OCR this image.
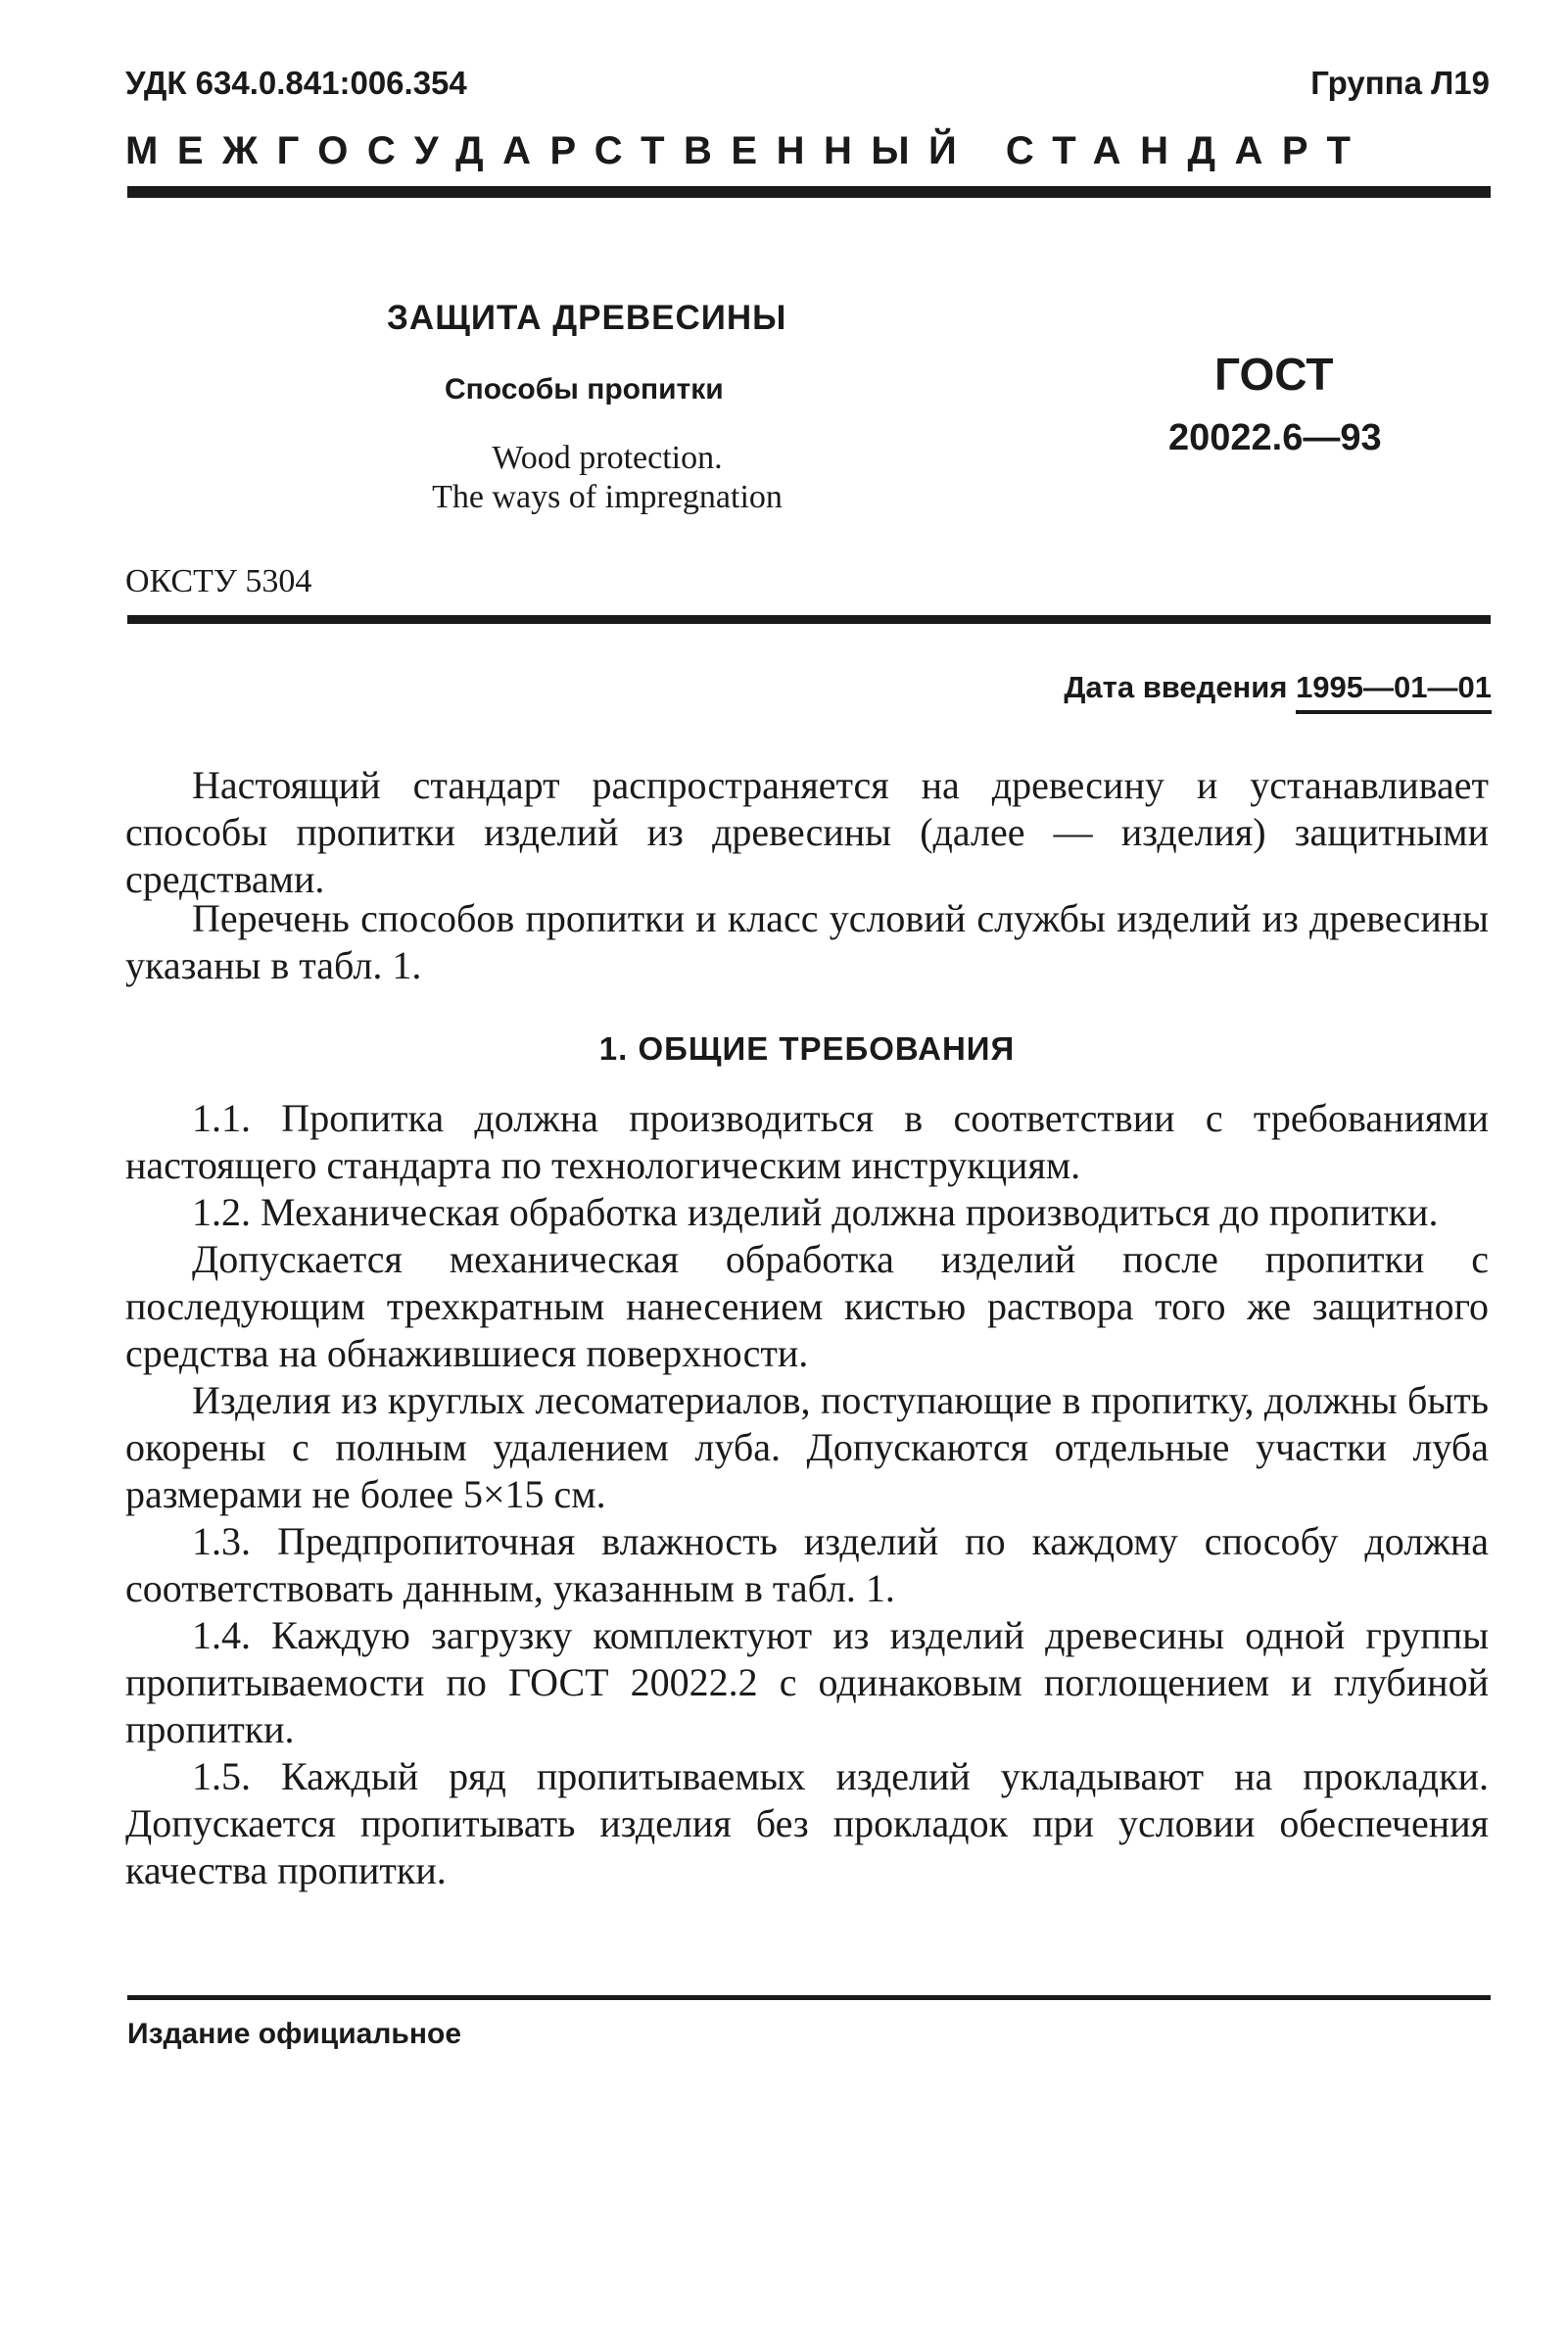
УДК 634.0.841:006.354	Группа Л19
МЕЖГОСУДАРСТВЕННЫЙ СТАНДАРТ
ЗАЩИТА ДРЕВЕСИНЫ
Способы пропитки
Wood protection.
The ways of impregnation
ГОСТ
20022.6—93
ОКСТУ 5304
Дата введения 1995—01—01

Настоящий стандарт распространяется на древесину и устанавливает способы пропитки изделий из древесины (далее — изделия) защитными средствами.

Перечень способов пропитки и класс условий службы изделий из древесины указаны в табл. 1.

1. ОБЩИЕ ТРЕБОВАНИЯ

1.1. Пропитка должна производиться в соответствии с требованиями настоящего стандарта по технологическим инструкциям.

1.2. Механическая обработка изделий должна производиться до пропитки.

Допускается механическая обработка изделий после пропитки с последующим трехкратным нанесением кистью раствора того же защитного средства на обнажившиеся поверхности.

Изделия из круглых лесоматериалов, поступающие в пропитку, должны быть окорены с полным удалением луба. Допускаются отдельные участки луба размерами не более 5×15 см.

1.3. Предпропиточная влажность изделий по каждому способу должна соответствовать данным, указанным в табл. 1.

1.4. Каждую загрузку комплектуют из изделий древесины одной группы пропитываемости по ГОСТ 20022.2 с одинаковым поглощением и глубиной пропитки.

1.5. Каждый ряд пропитываемых изделий укладывают на прокладки. Допускается пропитывать изделия без прокладок при условии обеспечения качества пропитки.

Издание официальное
